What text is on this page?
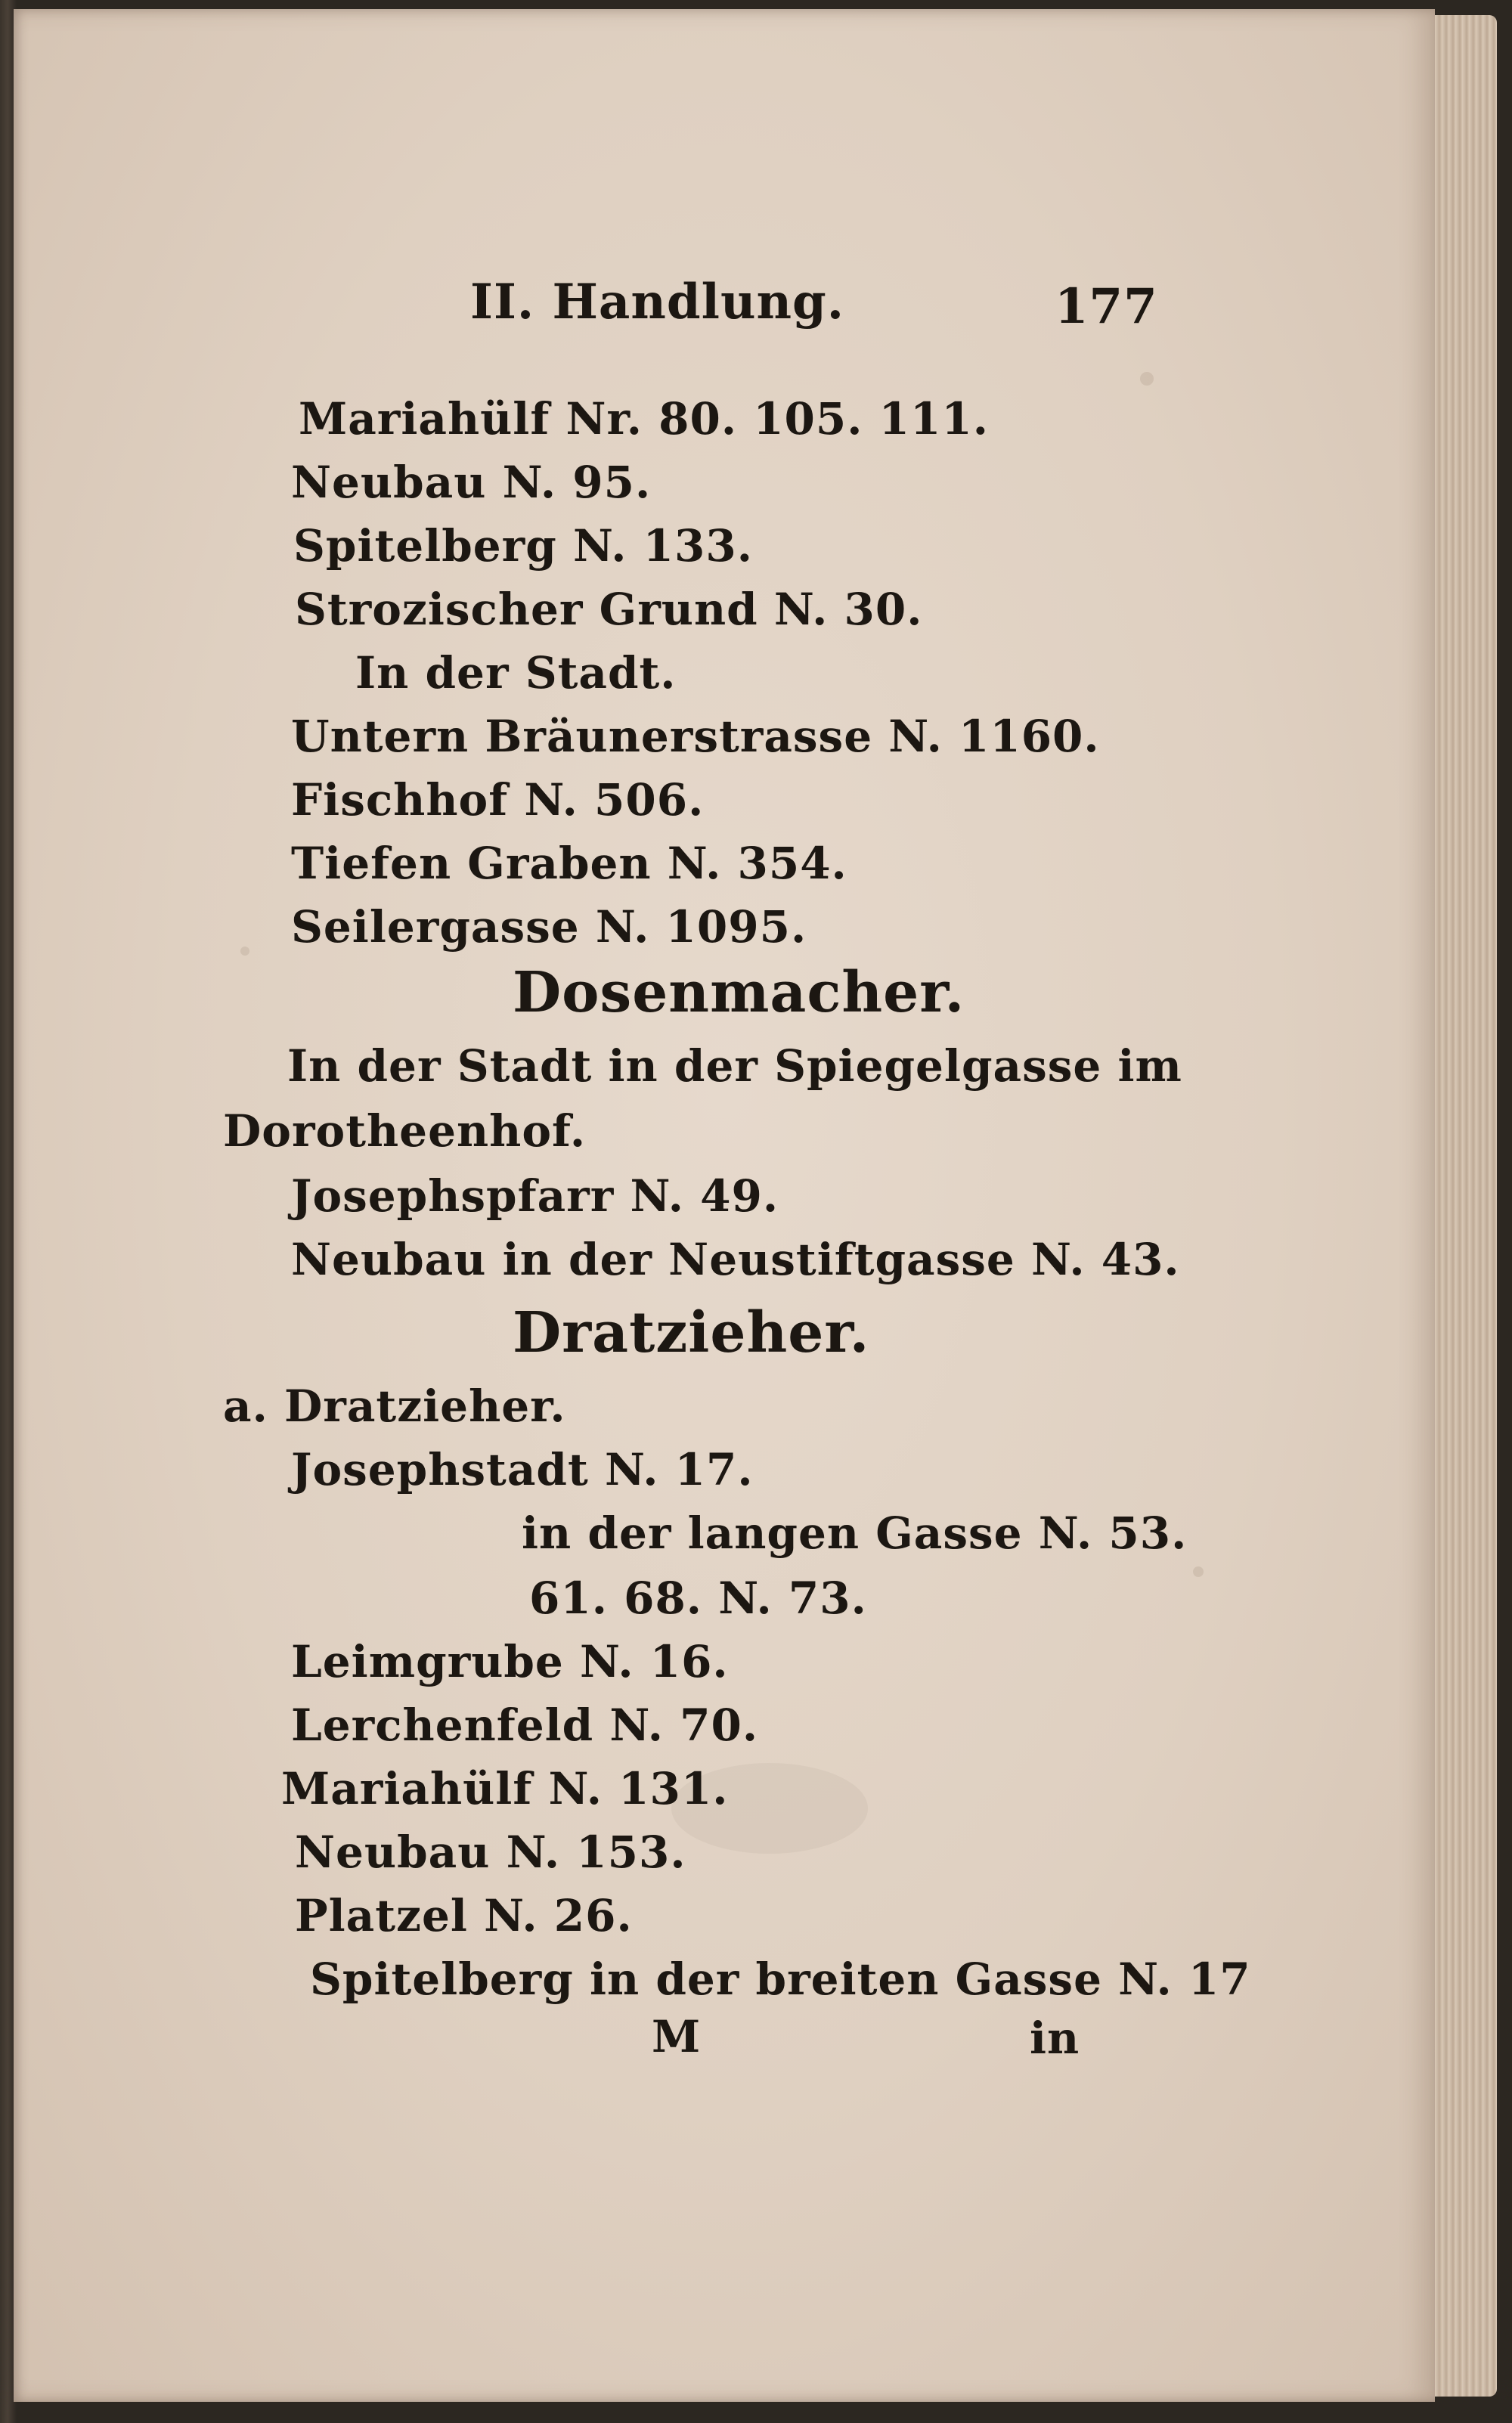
II. Handlung.	177
Mariahülf Nr. 80. 105. 111.
Neubau N. 95.
Spitelberg N. 133.
Strozischer Grund N. 30.
In der Stadt.
Untern Bräunerstrasse N. 1160.
Fischhof N. 506.
Tiefen Graben N. 354.
Seilergasse N. 1095.
Dosenmacher.
In der Stadt in der Spiegelgasse im
Dorotheenhof.
Josephspfarr N. 49.
Neubau in der Neustiftgasse N. 43.
Dratzieher.
a. Dratzieher.
Josephstadt N. 17.
in der langen Gasse N. 53.
61. 68. N. 73.
Leimgrube N. 16.
Lerchenfeld N. 70.
Mariahülf N. 131.
Neubau N. 153.
Platzel N. 26.
Spitelberg in der breiten Gasse N. 17
M	in
